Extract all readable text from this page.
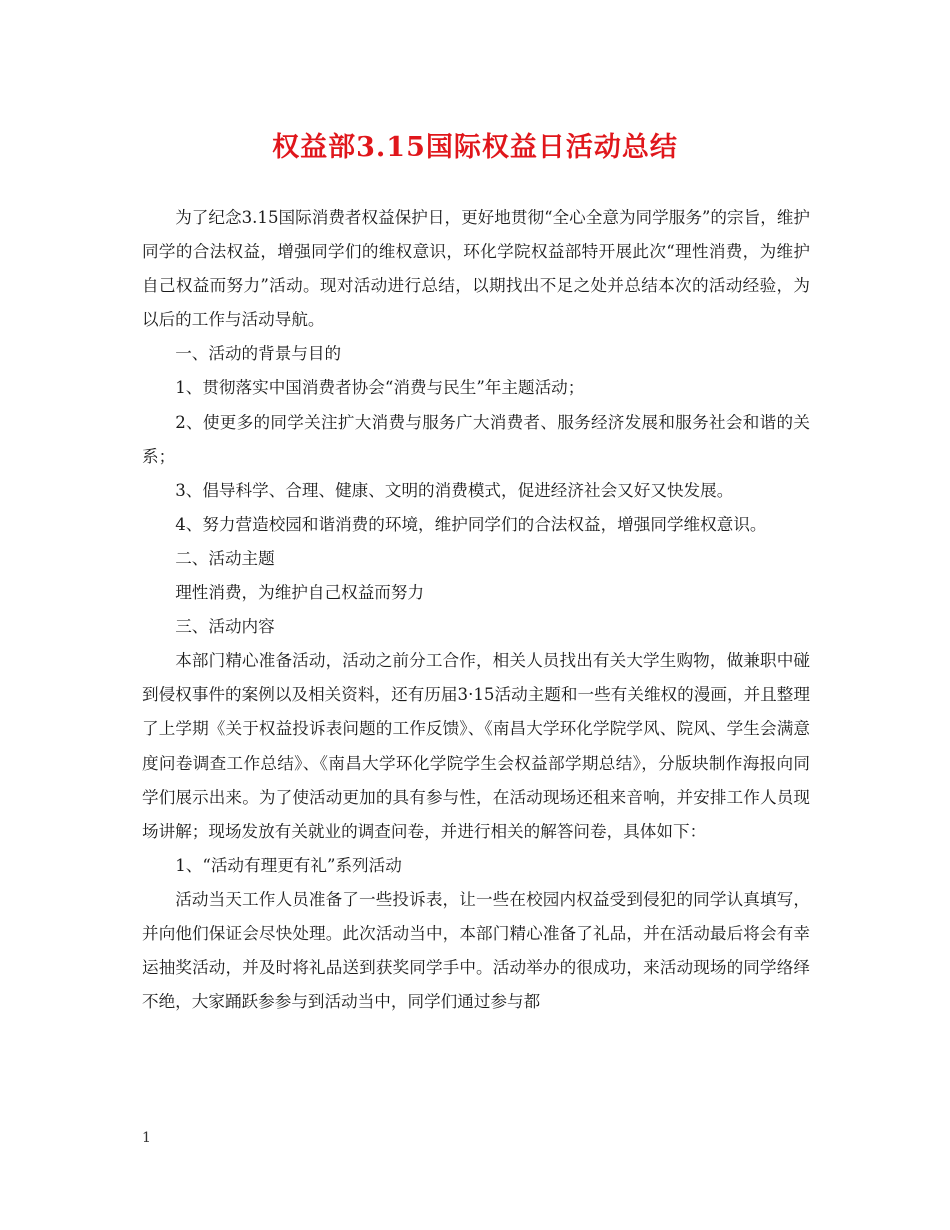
权益部3.15国际权益日活动总结

为了纪念3.15国际消费者权益保护日，更好地贯彻“全心全意为同学服务”的宗旨，维护同学的合法权益，增强同学们的维权意识，环化学院权益部特开展此次“理性消费，为维护自己权益而努力”活动。现对活动进行总结，以期找出不足之处并总结本次的活动经验，为以后的工作与活动导航。

一、活动的背景与目的

1、贯彻落实中国消费者协会“消费与民生”年主题活动；

2、使更多的同学关注扩大消费与服务广大消费者、服务经济发展和服务社会和谐的关系；

3、倡导科学、合理、健康、文明的消费模式，促进经济社会又好又快发展。

4、努力营造校园和谐消费的环境，维护同学们的合法权益，增强同学维权意识。

二、活动主题

理性消费，为维护自己权益而努力

三、活动内容

本部门精心准备活动，活动之前分工合作，相关人员找出有关大学生购物，做兼职中碰到侵权事件的案例以及相关资料，还有历届3·15活动主题和一些有关维权的漫画，并且整理了上学期《关于权益投诉表问题的工作反馈》、《南昌大学环化学院学风、院风、学生会满意度问卷调查工作总结》、《南昌大学环化学院学生会权益部学期总结》，分版块制作海报向同学们展示出来。为了使活动更加的具有参与性，在活动现场还租来音响，并安排工作人员现场讲解；现场发放有关就业的调查问卷，并进行相关的解答问卷，具体如下：

1、“活动有理更有礼”系列活动

活动当天工作人员准备了一些投诉表，让一些在校园内权益受到侵犯的同学认真填写，并向他们保证会尽快处理。此次活动当中，本部门精心准备了礼品，并在活动最后将会有幸运抽奖活动，并及时将礼品送到获奖同学手中。活动举办的很成功，来活动现场的同学络绎不绝，大家踊跃参参与到活动当中，同学们通过参与都

1
